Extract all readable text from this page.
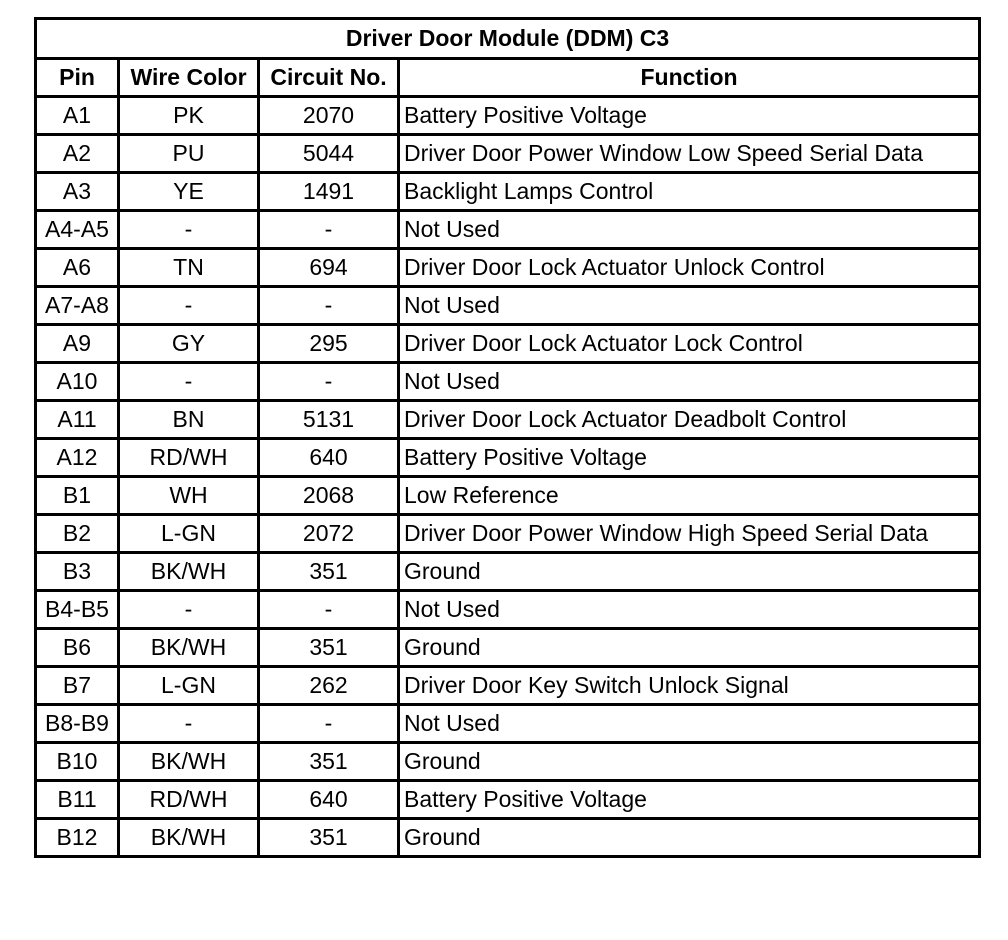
Driver Door Module (DDM) C3			
Pin	Wire Color	Circuit No.	Function
A1	PK	2070	Battery Positive Voltage
A2	PU	5044	Driver Door Power Window Low Speed Serial Data
A3	YE	1491	Backlight Lamps Control
A4-A5	-	-	Not Used
A6	TN	694	Driver Door Lock Actuator Unlock Control
A7-A8	-	-	Not Used
A9	GY	295	Driver Door Lock Actuator Lock Control
A10	-	-	Not Used
A11	BN	5131	Driver Door Lock Actuator Deadbolt Control
A12	RD/WH	640	Battery Positive Voltage
B1	WH	2068	Low Reference
B2	L-GN	2072	Driver Door Power Window High Speed Serial Data
B3	BK/WH	351	Ground
B4-B5	-	-	Not Used
B6	BK/WH	351	Ground
B7	L-GN	262	Driver Door Key Switch Unlock Signal
B8-B9	-	-	Not Used
B10	BK/WH	351	Ground
B11	RD/WH	640	Battery Positive Voltage
B12	BK/WH	351	Ground
